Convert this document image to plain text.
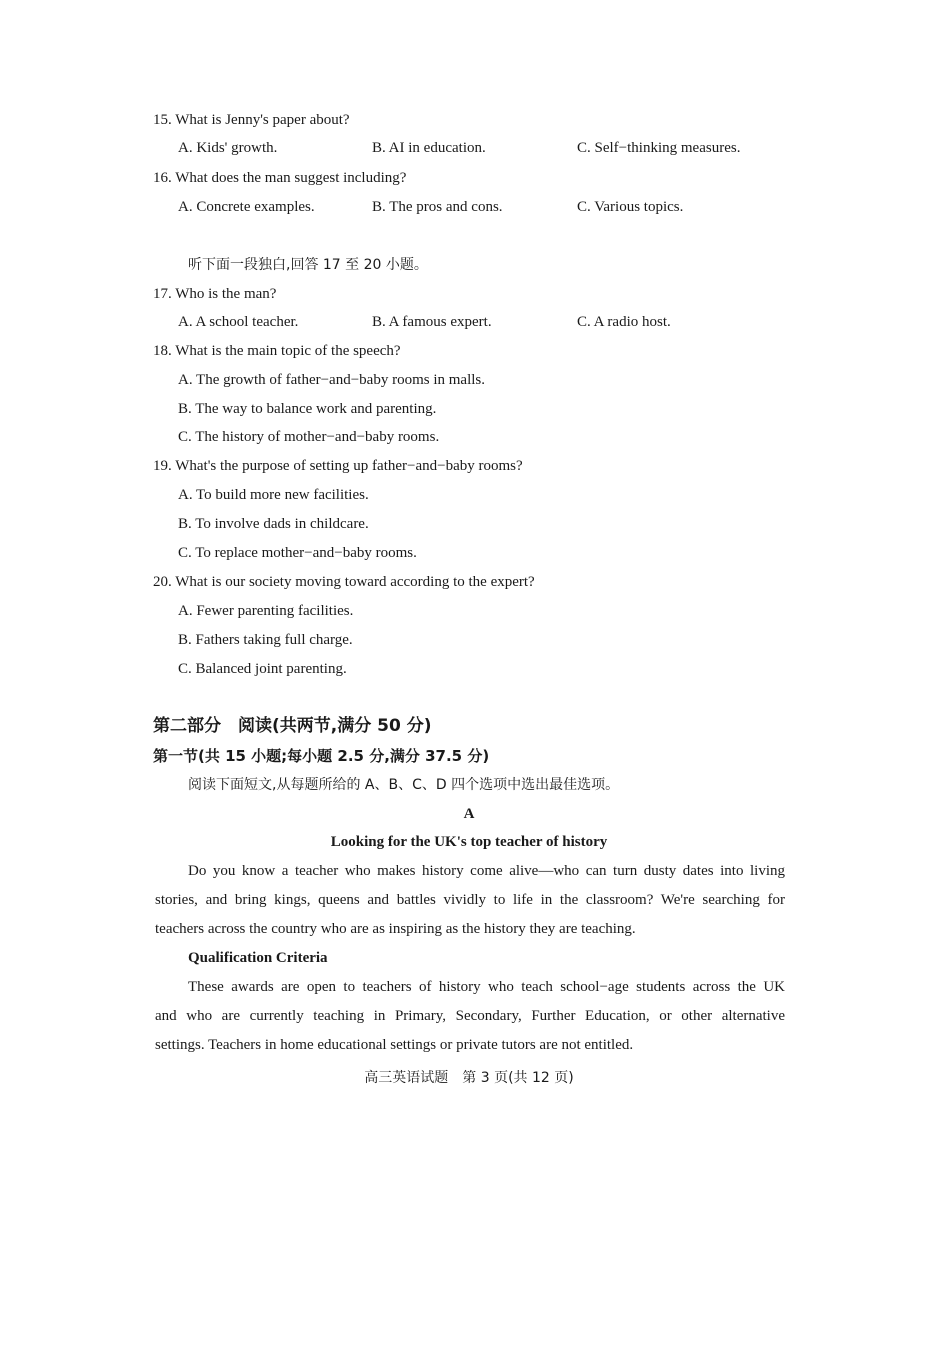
15. What is Jenny's paper about?
A. Kids' growth.	B. AI in education.	C. Self−thinking measures.
16. What does the man suggest including?
A. Concrete examples.	B. The pros and cons.	C. Various topics.
听下面一段独白,回答 17 至 20 小题。
17. Who is the man?
A. A school teacher.	B. A famous expert.	C. A radio host.
18. What is the main topic of the speech?
A. The growth of father−and−baby rooms in malls.
B. The way to balance work and parenting.
C. The history of mother−and−baby rooms.
19. What's the purpose of setting up father−and−baby rooms?
A. To build more new facilities.
B. To involve dads in childcare.
C. To replace mother−and−baby rooms.
20. What is our society moving toward according to the expert?
A. Fewer parenting facilities.
B. Fathers taking full charge.
C. Balanced joint parenting.
第二部分　阅读(共两节,满分 50 分)
第一节(共 15 小题;每小题 2.5 分,满分 37.5 分)
阅读下面短文,从每题所给的 A、B、C、D 四个选项中选出最佳选项。
A
Looking for the UK's top teacher of history
Do you know a teacher who makes history come alive—who can turn dusty dates into living
stories, and bring kings, queens and battles vividly to life in the classroom? We're searching for
teachers across the country who are as inspiring as the history they are teaching.
Qualification Criteria
These awards are open to teachers of history who teach school−age students across the UK
and who are currently teaching in Primary, Secondary, Further Education, or other alternative
settings. Teachers in home educational settings or private tutors are not entitled.
高三英语试题　第 3 页(共 12 页)
